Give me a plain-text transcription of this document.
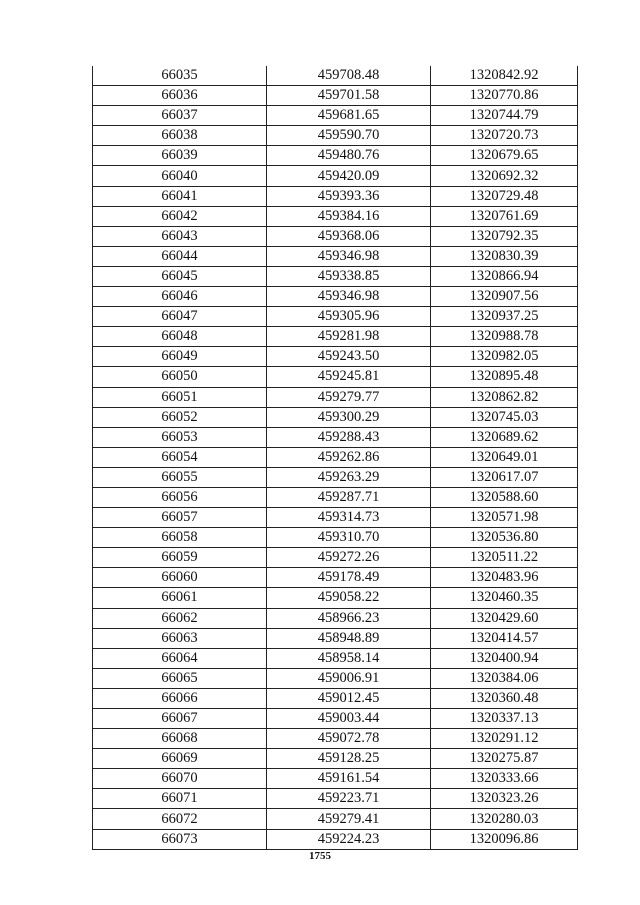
66035	459708.48	1320842.92
66036	459701.58	1320770.86
66037	459681.65	1320744.79
66038	459590.70	1320720.73
66039	459480.76	1320679.65
66040	459420.09	1320692.32
66041	459393.36	1320729.48
66042	459384.16	1320761.69
66043	459368.06	1320792.35
66044	459346.98	1320830.39
66045	459338.85	1320866.94
66046	459346.98	1320907.56
66047	459305.96	1320937.25
66048	459281.98	1320988.78
66049	459243.50	1320982.05
66050	459245.81	1320895.48
66051	459279.77	1320862.82
66052	459300.29	1320745.03
66053	459288.43	1320689.62
66054	459262.86	1320649.01
66055	459263.29	1320617.07
66056	459287.71	1320588.60
66057	459314.73	1320571.98
66058	459310.70	1320536.80
66059	459272.26	1320511.22
66060	459178.49	1320483.96
66061	459058.22	1320460.35
66062	458966.23	1320429.60
66063	458948.89	1320414.57
66064	458958.14	1320400.94
66065	459006.91	1320384.06
66066	459012.45	1320360.48
66067	459003.44	1320337.13
66068	459072.78	1320291.12
66069	459128.25	1320275.87
66070	459161.54	1320333.66
66071	459223.71	1320323.26
66072	459279.41	1320280.03
66073	459224.23	1320096.86
1755
